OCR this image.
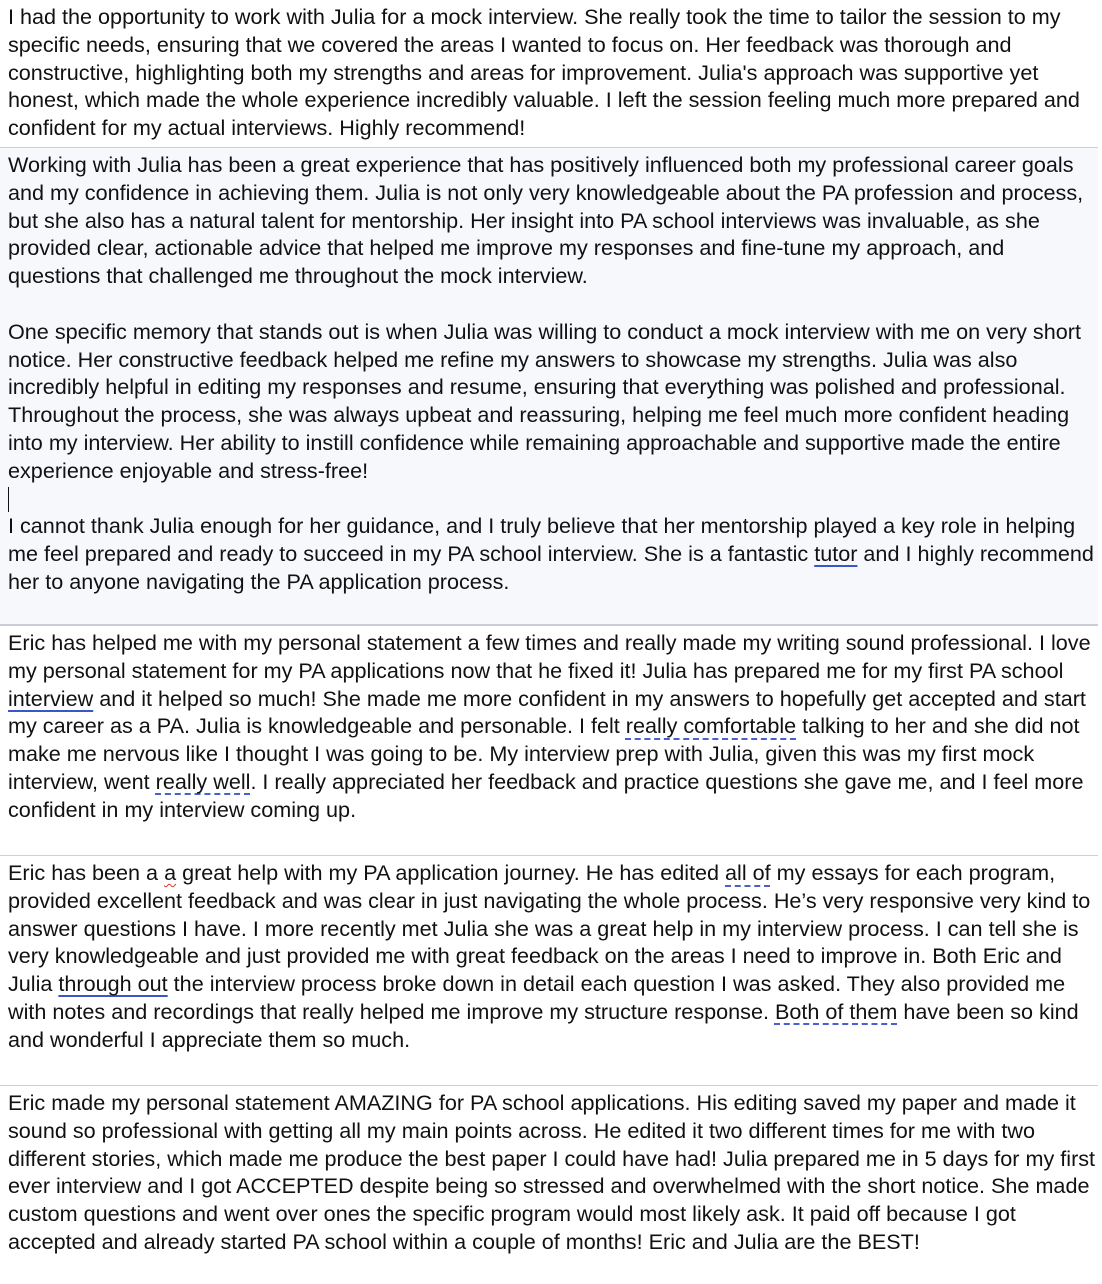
I had the opportunity to work with Julia for a mock interview. She really took the time to tailor the session to my specific needs, ensuring that we covered the areas I wanted to focus on. Her feedback was thorough and constructive, highlighting both my strengths and areas for improvement. Julia's approach was supportive yet honest, which made the whole experience incredibly valuable. I left the session feeling much more prepared and confident for my actual interviews. Highly recommend!

Working with Julia has been a great experience that has positively influenced both my professional career goals and my confidence in achieving them. Julia is not only very knowledgeable about the PA profession and process, but she also has a natural talent for mentorship. Her insight into PA school interviews was invaluable, as she provided clear, actionable advice that helped me improve my responses and fine-tune my approach, and questions that challenged me throughout the mock interview.

One specific memory that stands out is when Julia was willing to conduct a mock interview with me on very short notice. Her constructive feedback helped me refine my answers to showcase my strengths. Julia was also incredibly helpful in editing my responses and resume, ensuring that everything was polished and professional. Throughout the process, she was always upbeat and reassuring, helping me feel much more confident heading into my interview. Her ability to instill confidence while remaining approachable and supportive made the entire experience enjoyable and stress-free!

I cannot thank Julia enough for her guidance, and I truly believe that her mentorship played a key role in helping me feel prepared and ready to succeed in my PA school interview. She is a fantastic tutor and I highly recommend her to anyone navigating the PA application process.

Eric has helped me with my personal statement a few times and really made my writing sound professional. I love my personal statement for my PA applications now that he fixed it! Julia has prepared me for my first PA school interview and it helped so much! She made me more confident in my answers to hopefully get accepted and start my career as a PA. Julia is knowledgeable and personable. I felt really comfortable talking to her and she did not make me nervous like I thought I was going to be. My interview prep with Julia, given this was my first mock interview, went really well. I really appreciated her feedback and practice questions she gave me, and I feel more confident in my interview coming up.

Eric has been a a great help with my PA application journey. He has edited all of my essays for each program, provided excellent feedback and was clear in just navigating the whole process. He’s very responsive very kind to answer questions I have. I more recently met Julia she was a great help in my interview process. I can tell she is very knowledgeable and just provided me with great feedback on the areas I need to improve in. Both Eric and Julia through out the interview process broke down in detail each question I was asked. They also provided me with notes and recordings that really helped me improve my structure response. Both of them have been so kind and wonderful I appreciate them so much.

Eric made my personal statement AMAZING for PA school applications. His editing saved my paper and made it sound so professional with getting all my main points across. He edited it two different times for me with two different stories, which made me produce the best paper I could have had! Julia prepared me in 5 days for my first ever interview and I got ACCEPTED despite being so stressed and overwhelmed with the short notice. She made custom questions and went over ones the specific program would most likely ask. It paid off because I got accepted and already started PA school within a couple of months! Eric and Julia are the BEST!
